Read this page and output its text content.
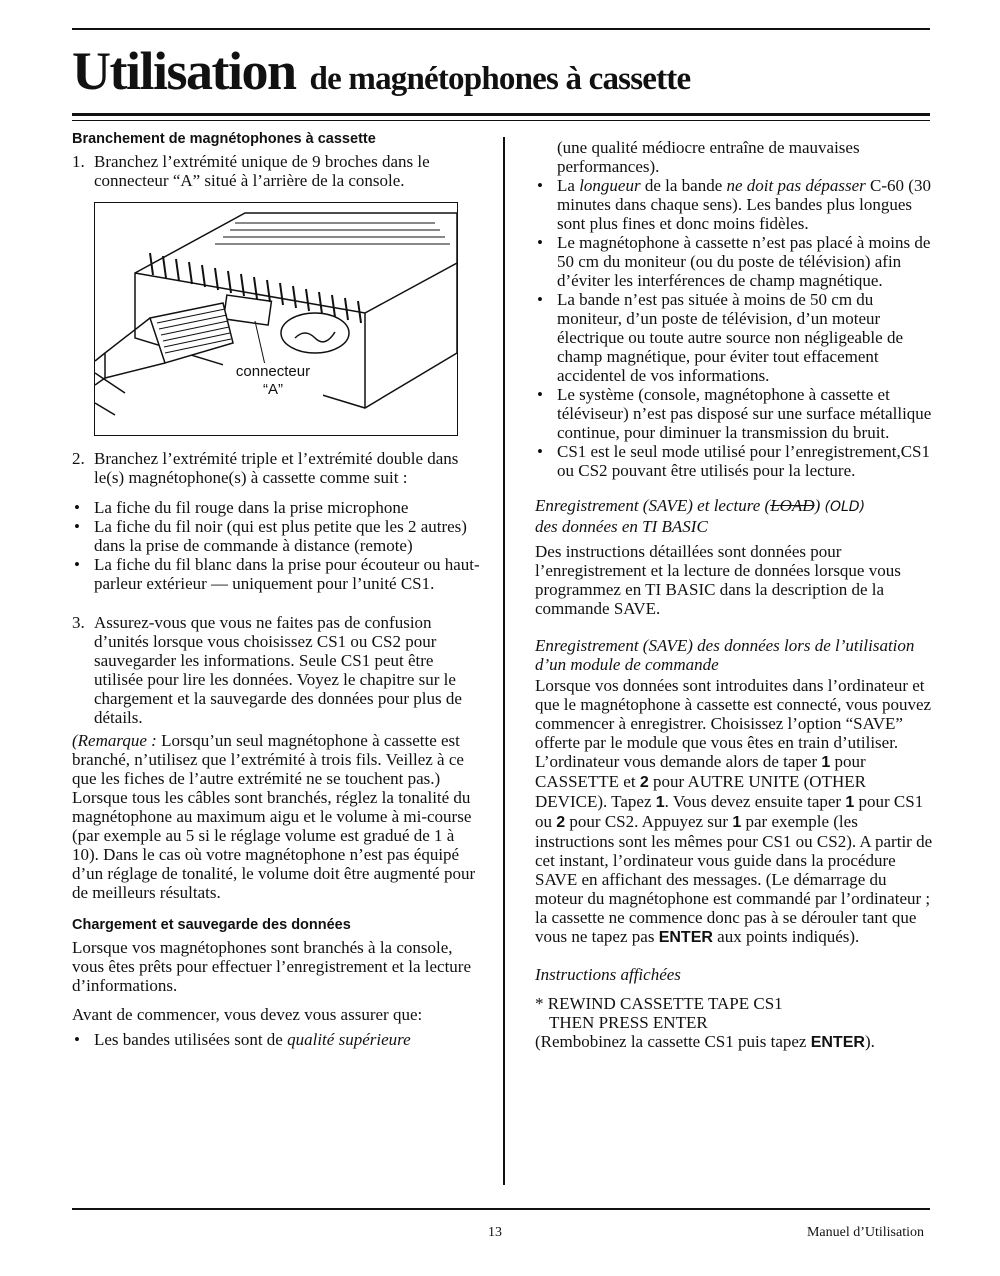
Utilisation de magnétophones à cassette
Branchement de magnétophones à cassette
1. Branchez l’extrémité unique de 9 broches dans le connecteur “A” situé à l’arrière de la console.
connecteur
“A”
2. Branchez l’extrémité triple et l’extrémité double dans le(s) magnétophone(s) à cassette comme suit :
• La fiche du fil rouge dans la prise microphone
• La fiche du fil noir (qui est plus petite que les 2 autres) dans la prise de commande à distance (remote)
• La fiche du fil blanc dans la prise pour écouteur ou haut-parleur extérieur — uniquement pour l’unité CS1.
3. Assurez-vous que vous ne faites pas de confusion d’unités lorsque vous choisissez CS1 ou CS2 pour sauvegarder les informations. Seule CS1 peut être utilisée pour lire les données. Voyez le chapitre sur le chargement et la sauvegarde des données pour plus de détails.

(Remarque : Lorsqu’un seul magnétophone à cassette est branché, n’utilisez que l’extrémité à trois fils. Veillez à ce que les fiches de l’autre extrémité ne se touchent pas.)

Lorsque tous les câbles sont branchés, réglez la tonalité du magnétophone au maximum aigu et le volume à mi-course (par exemple au 5 si le réglage volume est gradué de 1 à 10). Dans le cas où votre magnétophone n’est pas équipé d’un réglage de tonalité, le volume doit être augmenté pour de meilleurs résultats.

Chargement et sauvegarde des données

Lorsque vos magnétophones sont branchés à la console, vous êtes prêts pour effectuer l’enregistrement et la lecture d’informations.

Avant de commencer, vous devez vous assurer que:

• Les bandes utilisées sont de qualité supérieure

(une qualité médiocre entraîne de mauvaises performances).

• La longueur de la bande ne doit pas dépasser C-60 (30 minutes dans chaque sens). Les bandes plus longues sont plus fines et donc moins fidèles.
• Le magnétophone à cassette n’est pas placé à moins de 50 cm du moniteur (ou du poste de télévision) afin d’éviter les interférences de champ magnétique.
• La bande n’est pas située à moins de 50 cm du moniteur, d’un poste de télévision, d’un moteur électrique ou toute autre source non négligeable de champ magnétique, pour éviter tout effacement accidentel de vos informations.
• Le système (console, magnétophone à cassette et téléviseur) n’est pas disposé sur une surface métallique continue, pour diminuer la transmission du bruit.
• CS1 est le seul mode utilisé pour l’enregistrement,CS1 ou CS2 pouvant être utilisés pour la lecture.

Enregistrement (SAVE) et lecture (LOAD) (OLD)
des données en TI BASIC

Des instructions détaillées sont données pour l’enregistrement et la lecture de données lorsque vous programmez en TI BASIC dans la description de la commande SAVE.

Enregistrement (SAVE) des données lors de l’utilisation d’un module de commande

Lorsque vos données sont introduites dans l’ordinateur et que le magnétophone à cassette est connecté, vous pouvez commencer à enregistrer. Choisissez l’option “SAVE” offerte par le module que vous êtes en train d’utiliser. L’ordinateur vous demande alors de taper 1 pour CASSETTE et 2 pour AUTRE UNITE (OTHER DEVICE). Tapez 1. Vous devez ensuite taper 1 pour CS1 ou 2 pour CS2. Appuyez sur 1 par exemple (les instructions sont les mêmes pour CS1 ou CS2). A partir de cet instant, l’ordinateur vous guide dans la procédure SAVE en affichant des messages. (Le démarrage du moteur du magnétophone est commandé par l’ordinateur ; la cassette ne commence donc pas à se dérouler tant que vous ne tapez pas ENTER aux points indiqués).

Instructions affichées

* REWIND CASSETTE TAPE CS1

THEN PRESS ENTER

(Rembobinez la cassette CS1 puis tapez ENTER).

13	Manuel d’Utilisation
